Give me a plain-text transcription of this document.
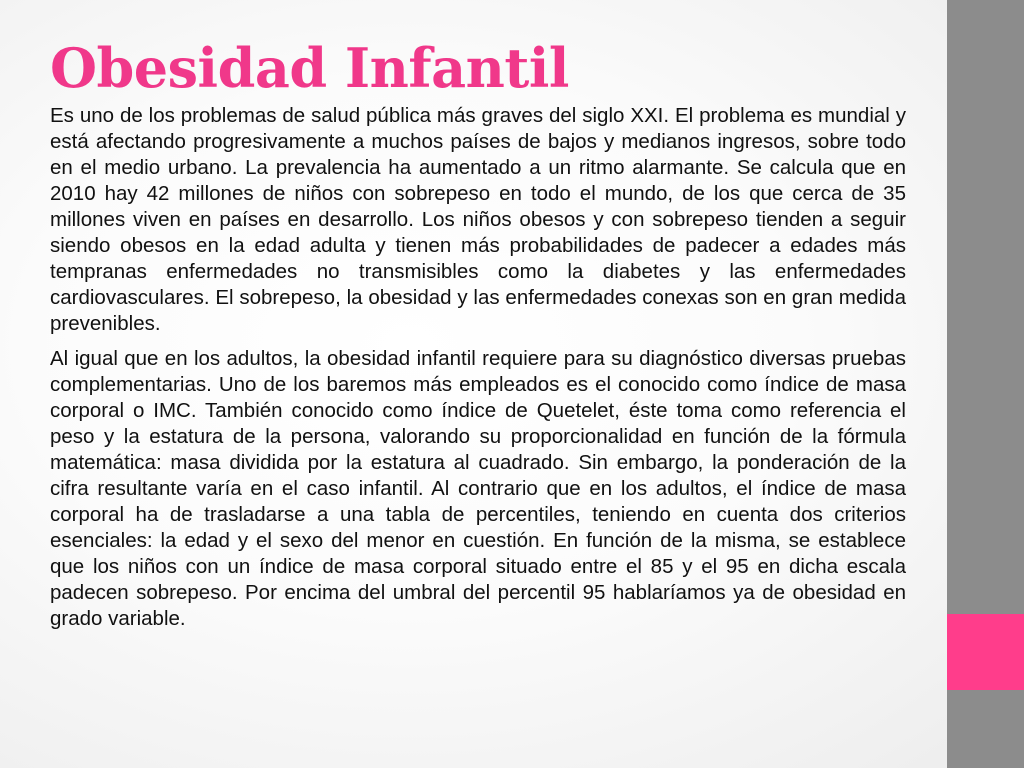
Obesidad Infantil

Es uno de los problemas de salud pública más graves del siglo XXI. El problema es mundial y está afectando progresivamente a muchos países de bajos y medianos ingresos, sobre todo en el medio urbano. La prevalencia ha aumentado a un ritmo alarmante. Se calcula que en 2010 hay 42 millones de niños con sobrepeso en todo el mundo, de los que cerca de 35 millones viven en países en desarrollo. Los niños obesos y con sobrepeso tienden a seguir siendo obesos en la edad adulta y tienen más probabilidades de padecer a edades más tempranas enfermedades no transmisibles como la diabetes y las enfermedades cardiovasculares. El sobrepeso, la obesidad y las enfermedades conexas son en gran medida prevenibles.

Al igual que en los adultos, la obesidad infantil requiere para su diagnóstico diversas pruebas complementarias. Uno de los baremos más empleados es el conocido como índice de masa corporal o IMC. También conocido como índice de Quetelet, éste toma como referencia el peso y la estatura de la persona, valorando su proporcionalidad en función de la fórmula matemática: masa dividida por la estatura al cuadrado. Sin embargo, la ponderación de la cifra resultante varía en el caso infantil. Al contrario que en los adultos, el índice de masa corporal ha de trasladarse a una tabla de percentiles, teniendo en cuenta dos criterios esenciales: la edad y el sexo del menor en cuestión. En función de la misma, se establece que los niños con un índice de masa corporal situado entre el 85 y el 95 en dicha escala padecen sobrepeso. Por encima del umbral del percentil 95 hablaríamos ya de obesidad en grado variable.
